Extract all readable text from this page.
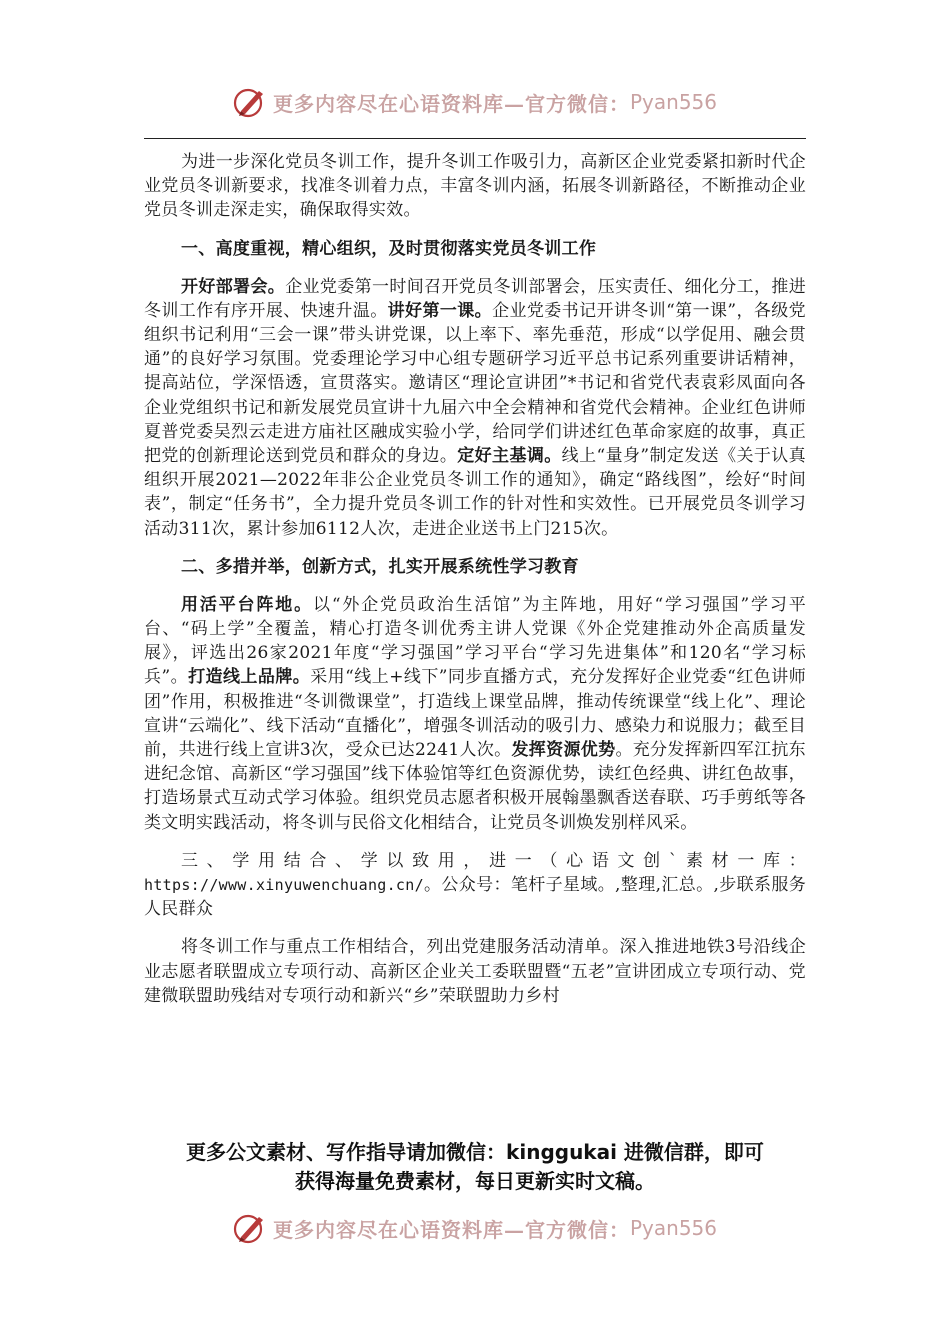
更多内容尽在心语资料库—官方微信： Pyan556

为进一步深化党员冬训工作，提升冬训工作吸引力，高新区企业党委紧扣新时代企业党员冬训新要求，找准冬训着力点，丰富冬训内涵，拓展冬训新路径，不断推动企业党员冬训走深走实，确保取得实效。

一、高度重视，精心组织，及时贯彻落实党员冬训工作

开好部署会。企业党委第一时间召开党员冬训部署会，压实责任、细化分工，推进冬训工作有序开展、快速升温。讲好第一课。企业党委书记开讲冬训“第一课”，各级党组织书记利用“三会一课”带头讲党课，以上率下、率先垂范，形成“以学促用、融会贯通”的良好学习氛围。党委理论学习中心组专题研学习近平总书记系列重要讲话精神，提高站位，学深悟透，宣贯落实。邀请区“理论宣讲团”*书记和省党代表袁彩凤面向各企业党组织书记和新发展党员宣讲十九届六中全会精神和省党代会精神。企业红色讲师夏普党委吴烈云走进方庙社区融成实验小学，给同学们讲述红色革命家庭的故事，真正把党的创新理论送到党员和群众的身边。定好主基调。线上“量身”制定发送《关于认真组织开展2021—2022年非公企业党员冬训工作的通知》，确定“路线图”，绘好“时间表”，制定“任务书”，全力提升党员冬训工作的针对性和实效性。已开展党员冬训学习活动311次，累计参加6112人次，走进企业送书上门215次。

二、多措并举，创新方式，扎实开展系统性学习教育

用活平台阵地。以“外企党员政治生活馆”为主阵地，用好“学习强国”学习平台、“码上学”全覆盖，精心打造冬训优秀主讲人党课《外企党建推动外企高质量发展》，评选出26家2021年度“学习强国”学习平台“学习先进集体”和120名“学习标兵”。打造线上品牌。采用“线上+线下”同步直播方式，充分发挥好企业党委“红色讲师团”作用，积极推进“冬训微课堂”，打造线上课堂品牌，推动传统课堂“线上化”、理论宣讲“云端化”、线下活动“直播化”，增强冬训活动的吸引力、感染力和说服力；截至目前，共进行线上宣讲3次，受众已达2241人次。发挥资源优势。充分发挥新四军江抗东进纪念馆、高新区“学习强国”线下体验馆等红色资源优势，读红色经典、讲红色故事，打造场景式互动式学习体验。组织党员志愿者积极开展翰墨飘香送春联、巧手剪纸等各类文明实践活动，将冬训与民俗文化相结合，让党员冬训焕发别样风采。

三、学用结合、学以致用，进一（心语文创`素材一库：https://www.xinyuwenchuang.cn/。公众号：笔杆子星域。,整理,汇总。,步联系服务人民群众

将冬训工作与重点工作相结合，列出党建服务活动清单。深入推进地铁3号沿线企业志愿者联盟成立专项行动、高新区企业关工委联盟暨“五老”宣讲团成立专项行动、党建微联盟助残结对专项行动和新兴“乡”荣联盟助力乡村

更多公文素材、写作指导请加微信：kinggukai 进微信群，即可
获得海量免费素材，每日更新实时文稿。
更多内容尽在心语资料库—官方微信： Pyan556
